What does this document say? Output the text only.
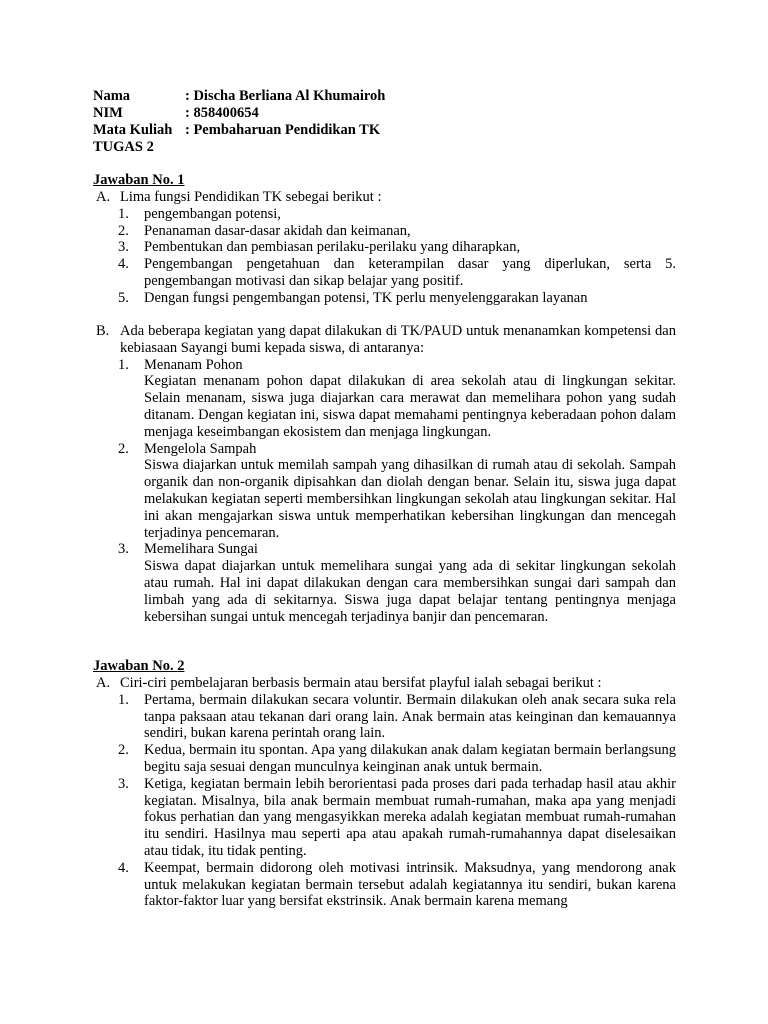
Nama	: Discha Berliana Al Khumairoh
NIM	: 858400654
Mata Kuliah : Pembaharuan Pendidikan TK
TUGAS 2
Jawaban No. 1
A. Lima fungsi Pendidikan TK sebegai berikut :
1. pengembangan potensi,
2. Penanaman dasar-dasar akidah dan keimanan,
3. Pembentukan dan pembiasan perilaku-perilaku yang diharapkan,
4. Pengembangan pengetahuan dan keterampilan dasar yang diperlukan, serta 5. pengembangan motivasi dan sikap belajar yang positif.
5. Dengan fungsi pengembangan potensi, TK perlu menyelenggarakan layanan
B. Ada beberapa kegiatan yang dapat dilakukan di TK/PAUD untuk menanamkan kompetensi dan kebiasaan Sayangi bumi kepada siswa, di antaranya:
1. Menanam Pohon
Kegiatan menanam pohon dapat dilakukan di area sekolah atau di lingkungan sekitar. Selain menanam, siswa juga diajarkan cara merawat dan memelihara pohon yang sudah ditanam. Dengan kegiatan ini, siswa dapat memahami pentingnya keberadaan pohon dalam menjaga keseimbangan ekosistem dan menjaga lingkungan.
2. Mengelola Sampah
Siswa diajarkan untuk memilah sampah yang dihasilkan di rumah atau di sekolah. Sampah organik dan non-organik dipisahkan dan diolah dengan benar. Selain itu, siswa juga dapat melakukan kegiatan seperti membersihkan lingkungan sekolah atau lingkungan sekitar. Hal ini akan mengajarkan siswa untuk memperhatikan kebersihan lingkungan dan mencegah terjadinya pencemaran.
3. Memelihara Sungai
Siswa dapat diajarkan untuk memelihara sungai yang ada di sekitar lingkungan sekolah atau rumah. Hal ini dapat dilakukan dengan cara membersihkan sungai dari sampah dan limbah yang ada di sekitarnya. Siswa juga dapat belajar tentang pentingnya menjaga kebersihan sungai untuk mencegah terjadinya banjir dan pencemaran.
Jawaban No. 2
A. Ciri-ciri pembelajaran berbasis bermain atau bersifat playful ialah sebagai berikut :
1. Pertama, bermain dilakukan secara voluntir. Bermain dilakukan oleh anak secara suka rela tanpa paksaan atau tekanan dari orang lain. Anak bermain atas keinginan dan kemauannya sendiri, bukan karena perintah orang lain.
2. Kedua, bermain itu spontan. Apa yang dilakukan anak dalam kegiatan bermain berlangsung begitu saja sesuai dengan munculnya keinginan anak untuk bermain.
3. Ketiga, kegiatan bermain lebih berorientasi pada proses dari pada terhadap hasil atau akhir kegiatan. Misalnya, bila anak bermain membuat rumah-rumahan, maka apa yang menjadi fokus perhatian dan yang mengasyikkan mereka adalah kegiatan membuat rumah-rumahan itu sendiri. Hasilnya mau seperti apa atau apakah rumah-rumahannya dapat diselesaikan atau tidak, itu tidak penting.
4. Keempat, bermain didorong oleh motivasi intrinsik. Maksudnya, yang mendorong anak untuk melakukan kegiatan bermain tersebut adalah kegiatannya itu sendiri, bukan karena faktor-faktor luar yang bersifat ekstrinsik. Anak bermain karena memang
